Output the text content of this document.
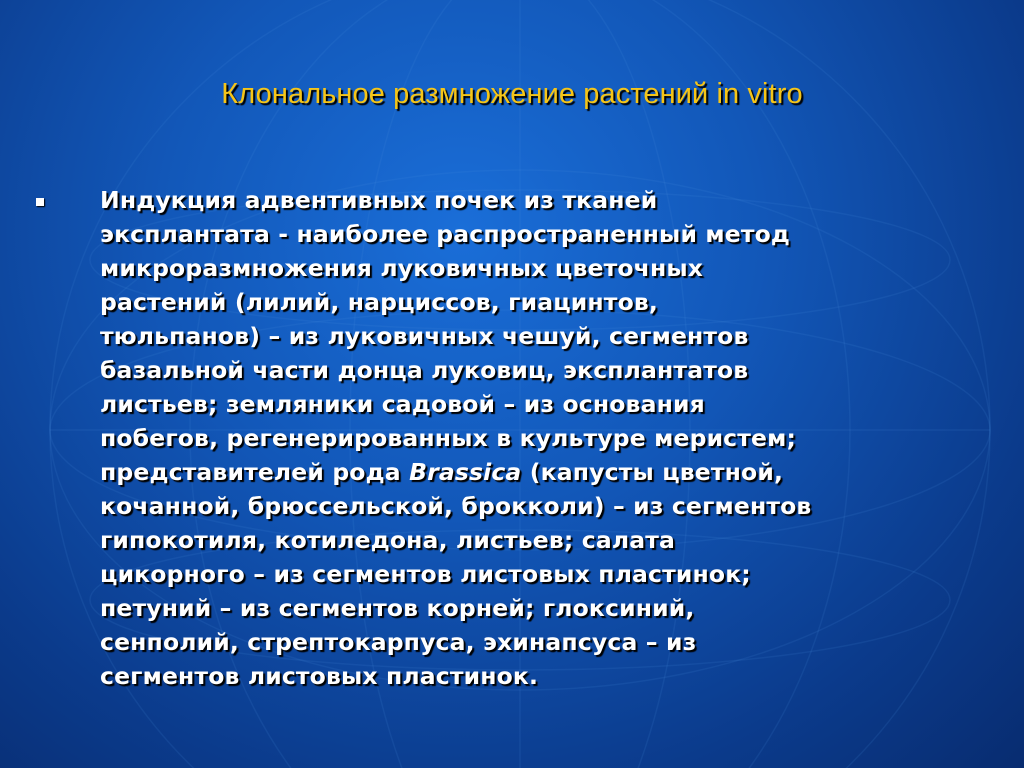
Клональное размножение растений in vitro
Индукция адвентивных почек из тканей
эксплантата - наиболее распространенный метод
микроразмножения луковичных цветочных
растений (лилий, нарциссов, гиацинтов,
тюльпанов) – из луковичных чешуй, сегментов
базальной части донца луковиц, эксплантатов
листьев; земляники садовой – из основания
побегов, регенерированных в культуре меристем;
представителей рода Brassica (капусты цветной,
кочанной, брюссельской, брокколи) – из сегментов
гипокотиля, котиледона, листьев; салата
цикорного – из сегментов листовых пластинок;
петуний – из сегментов корней; глоксиний,
сенполий, стрептокарпуса, эхинапсуса – из
сегментов листовых пластинок.
